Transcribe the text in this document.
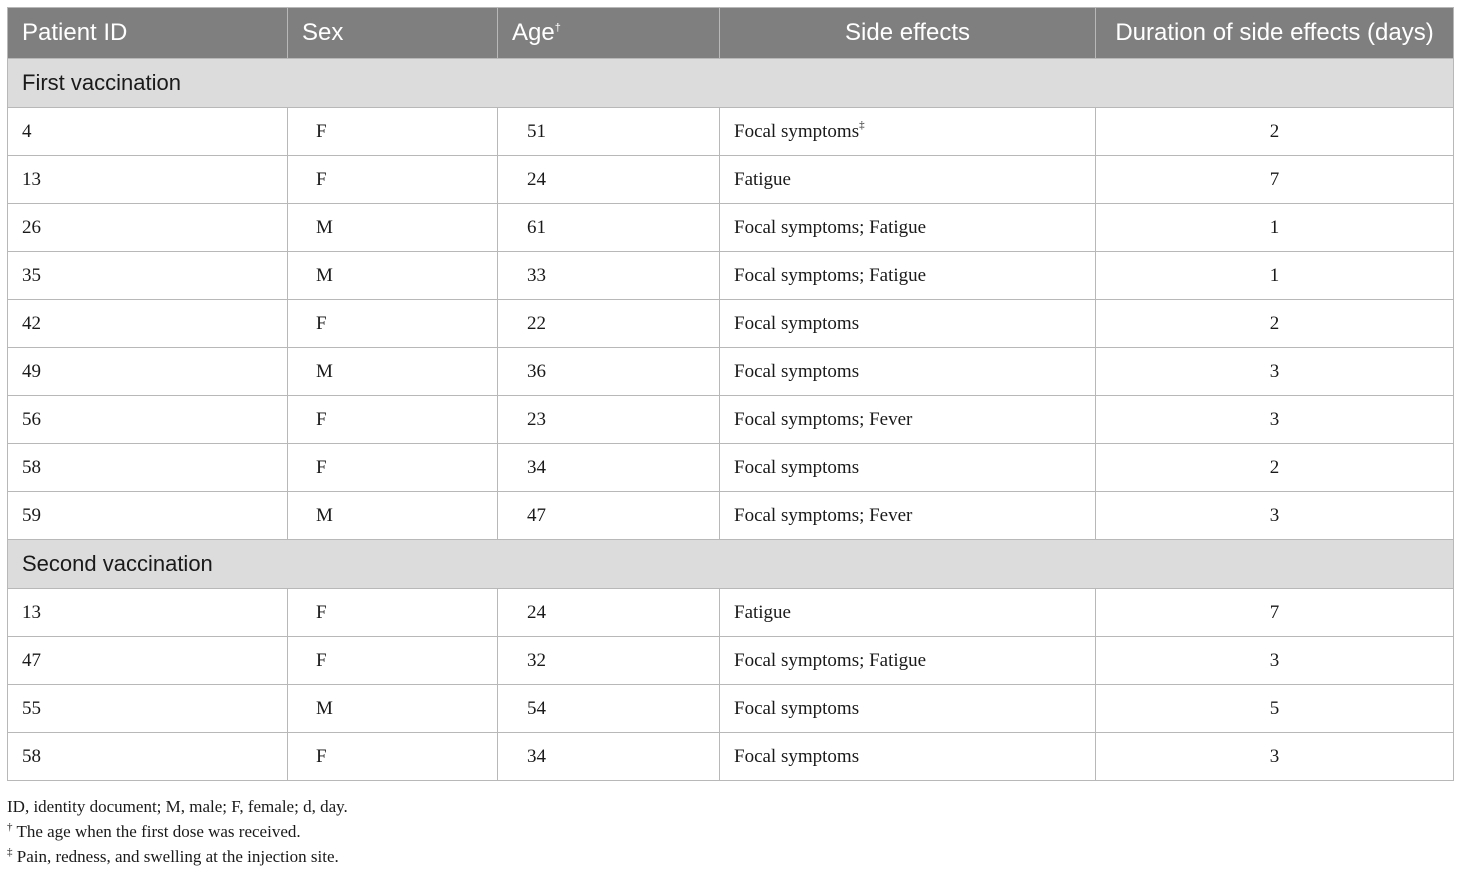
Patient ID	Sex	Age†	Side effects	Duration of side effects (days)
First vaccination				
4	F	51	Focal symptoms‡	2
13	F	24	Fatigue	7
26	M	61	Focal symptoms; Fatigue	1
35	M	33	Focal symptoms; Fatigue	1
42	F	22	Focal symptoms	2
49	M	36	Focal symptoms	3
56	F	23	Focal symptoms; Fever	3
58	F	34	Focal symptoms	2
59	M	47	Focal symptoms; Fever	3
Second vaccination				
13	F	24	Fatigue	7
47	F	32	Focal symptoms; Fatigue	3
55	M	54	Focal symptoms	5
58	F	34	Focal symptoms	3
ID, identity document; M, male; F, female; d, day.
† The age when the first dose was received.
‡ Pain, redness, and swelling at the injection site.
